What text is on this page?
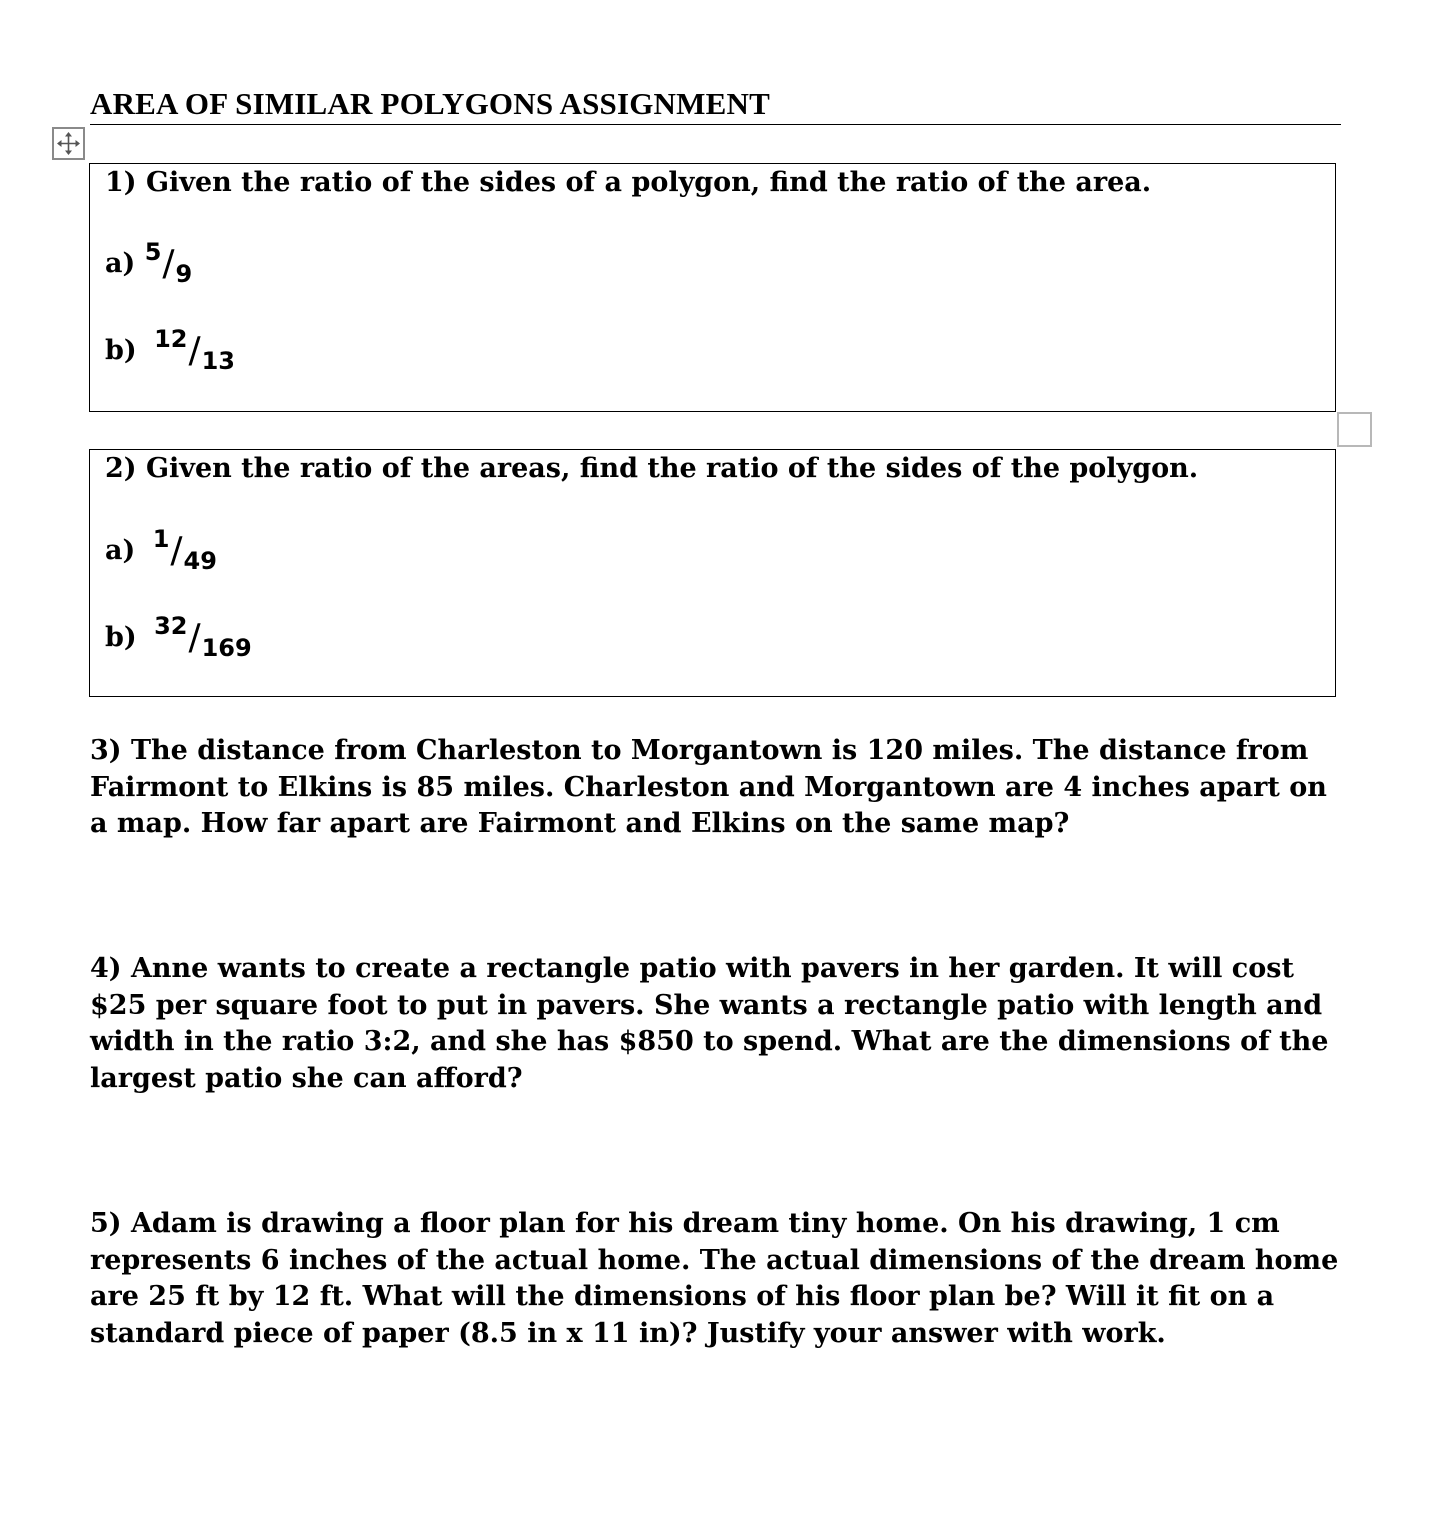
AREA OF SIMILAR POLYGONS ASSIGNMENT
1) Given the ratio of the sides of a polygon, find the ratio of the area.
a) 5/9
b) 12/13
2) Given the ratio of the areas, find the ratio of the sides of the polygon.
a) 1/49
b) 32/169

3) The distance from Charleston to Morgantown is 120 miles. The distance from Fairmont to Elkins is 85 miles. Charleston and Morgantown are 4 inches apart on a map. How far apart are Fairmont and Elkins on the same map?

4) Anne wants to create a rectangle patio with pavers in her garden. It will cost $25 per square foot to put in pavers. She wants a rectangle patio with length and width in the ratio 3:2, and she has $850 to spend. What are the dimensions of the largest patio she can afford?

5) Adam is drawing a floor plan for his dream tiny home. On his drawing, 1 cm represents 6 inches of the actual home. The actual dimensions of the dream home are 25 ft by 12 ft. What will the dimensions of his floor plan be? Will it fit on a standard piece of paper (8.5 in x 11 in)? Justify your answer with work.
